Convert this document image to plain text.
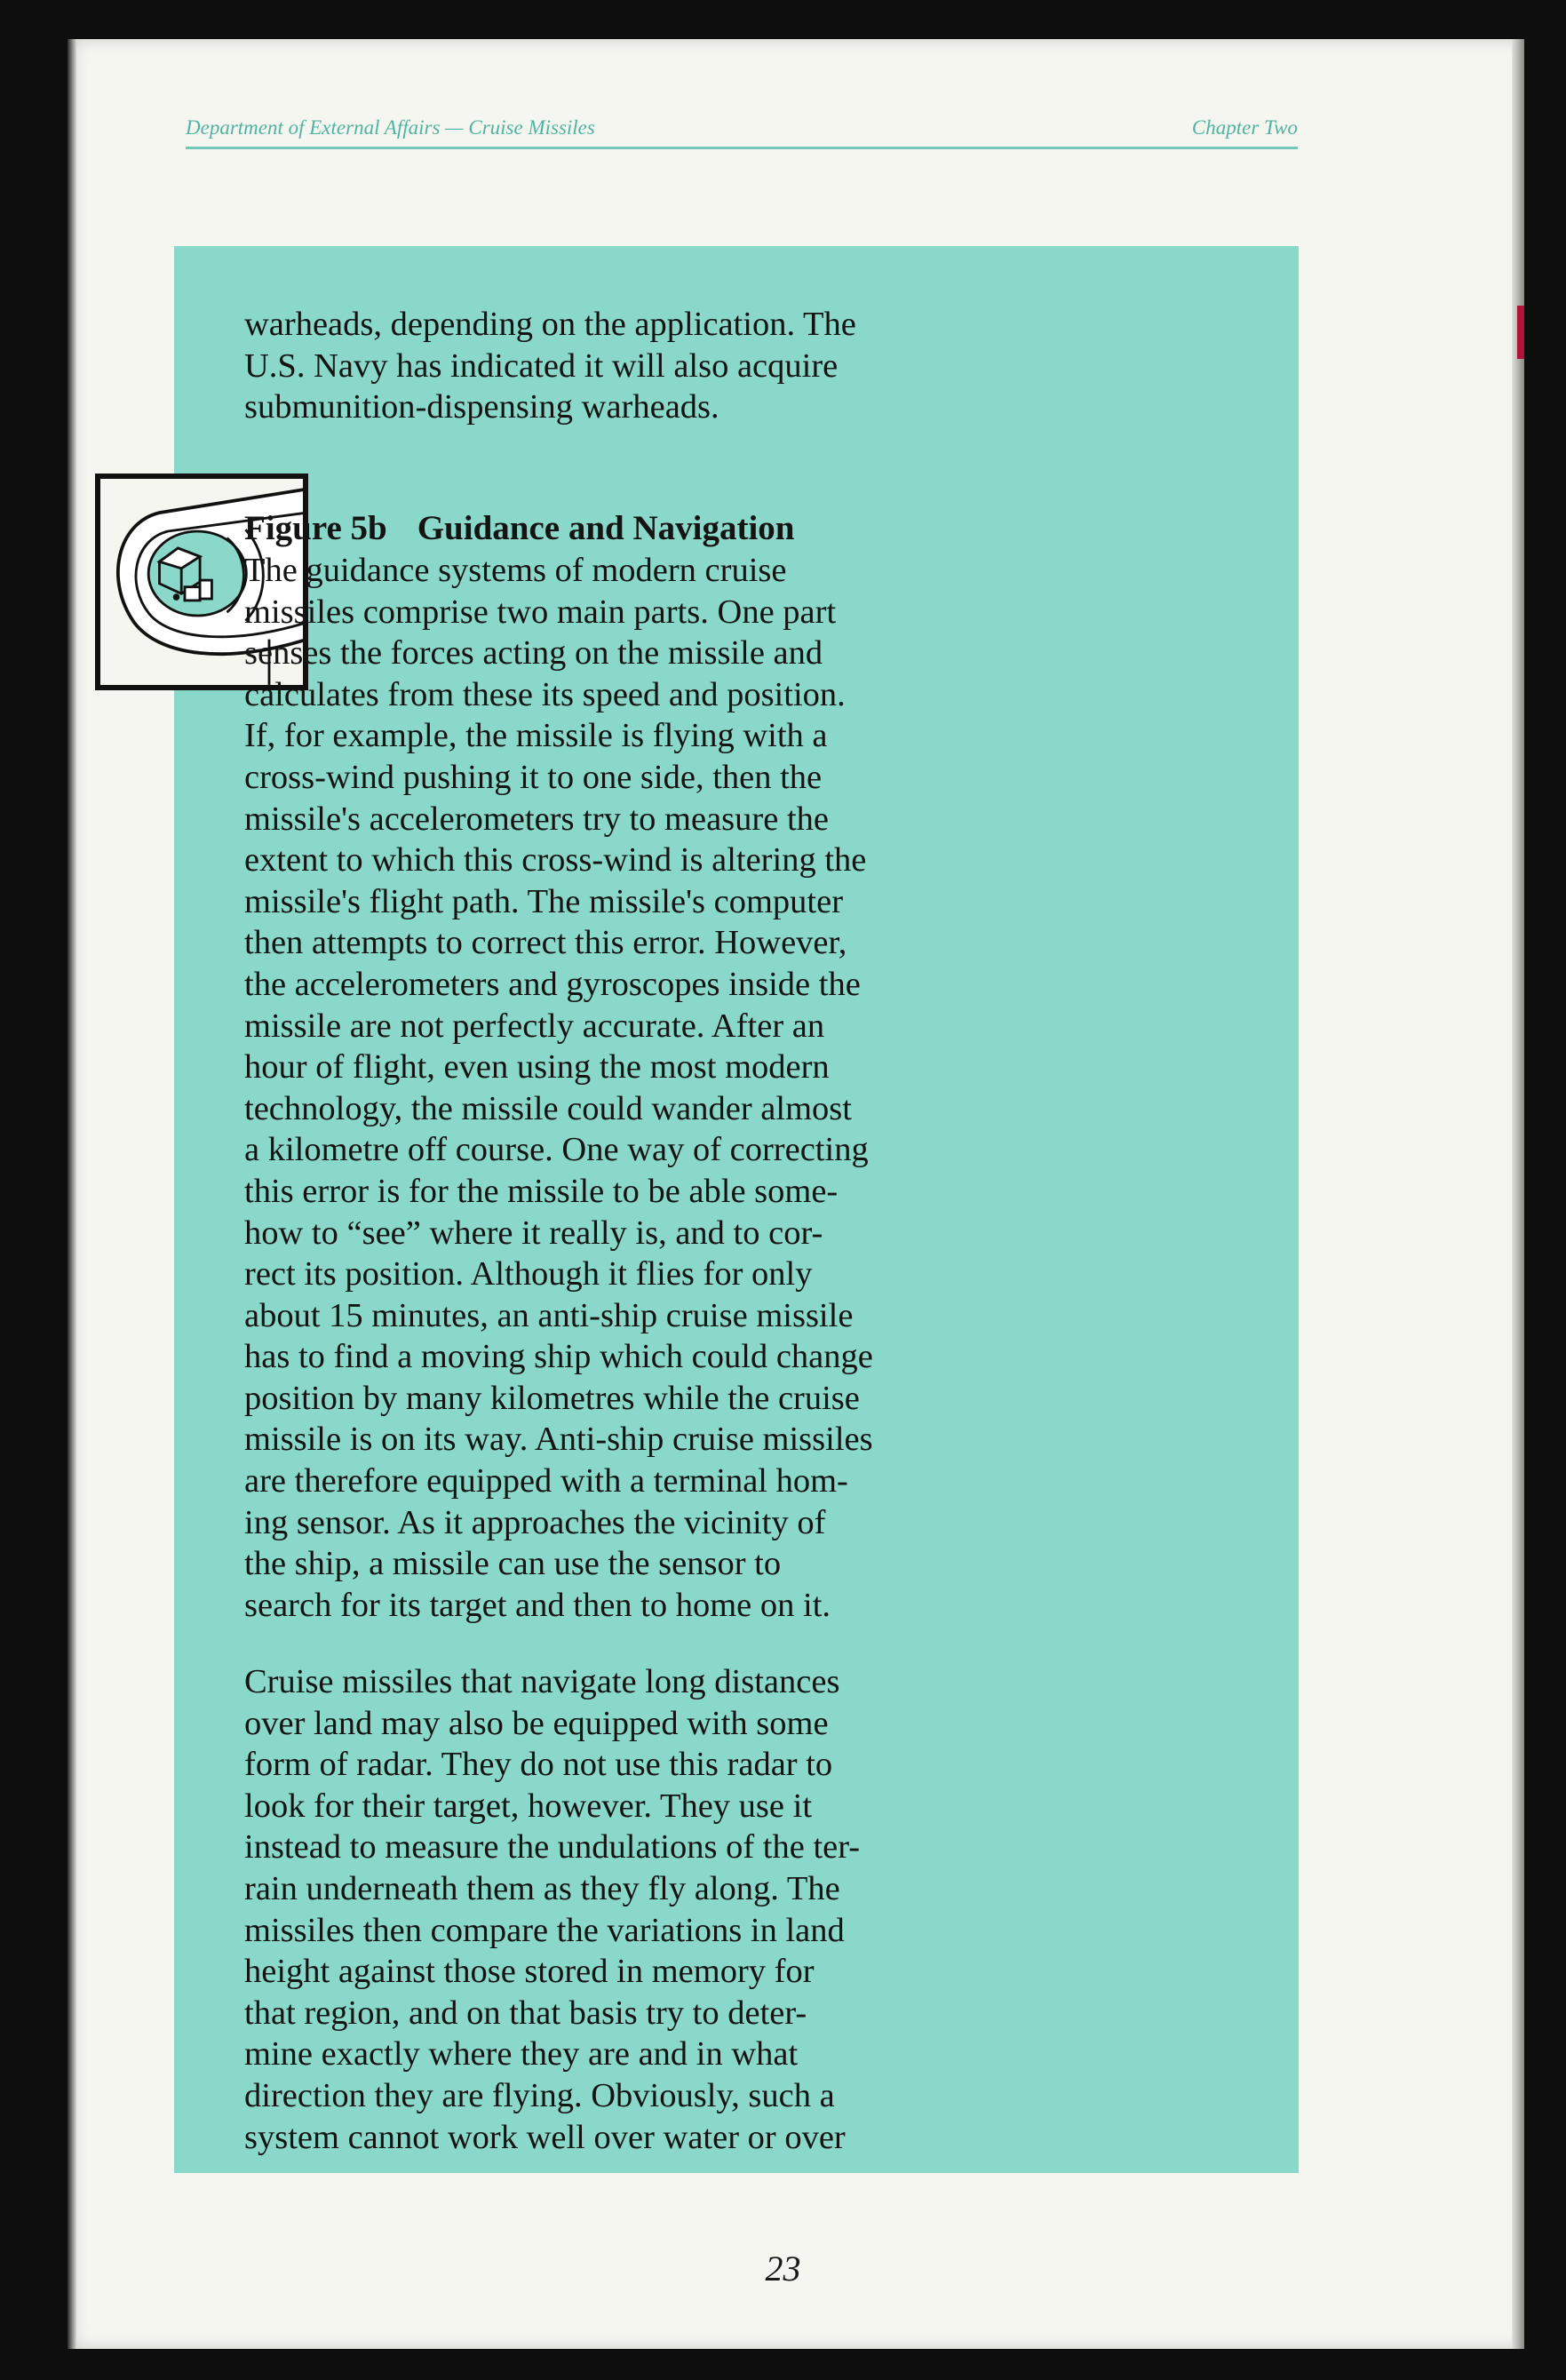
Department of External Affairs — Cruise Missiles	Chapter Two
warheads, depending on the application. The
U.S. Navy has indicated it will also acquire
submunition-dispensing warheads.
Figure 5b Guidance and Navigation
The guidance systems of modern cruise
missiles comprise two main parts. One part
senses the forces acting on the missile and
calculates from these its speed and position.
If, for example, the missile is flying with a
cross-wind pushing it to one side, then the
missile's accelerometers try to measure the
extent to which this cross-wind is altering the
missile's flight path. The missile's computer
then attempts to correct this error. However,
the accelerometers and gyroscopes inside the
missile are not perfectly accurate. After an
hour of flight, even using the most modern
technology, the missile could wander almost
a kilometre off course. One way of correcting
this error is for the missile to be able some-
how to “see” where it really is, and to cor-
rect its position. Although it flies for only
about 15 minutes, an anti-ship cruise missile
has to find a moving ship which could change
position by many kilometres while the cruise
missile is on its way. Anti-ship cruise missiles
are therefore equipped with a terminal hom-
ing sensor. As it approaches the vicinity of
the ship, a missile can use the sensor to
search for its target and then to home on it.
Cruise missiles that navigate long distances
over land may also be equipped with some
form of radar. They do not use this radar to
look for their target, however. They use it
instead to measure the undulations of the ter-
rain underneath them as they fly along. The
missiles then compare the variations in land
height against those stored in memory for
that region, and on that basis try to deter-
mine exactly where they are and in what
direction they are flying. Obviously, such a
system cannot work well over water or over
23
